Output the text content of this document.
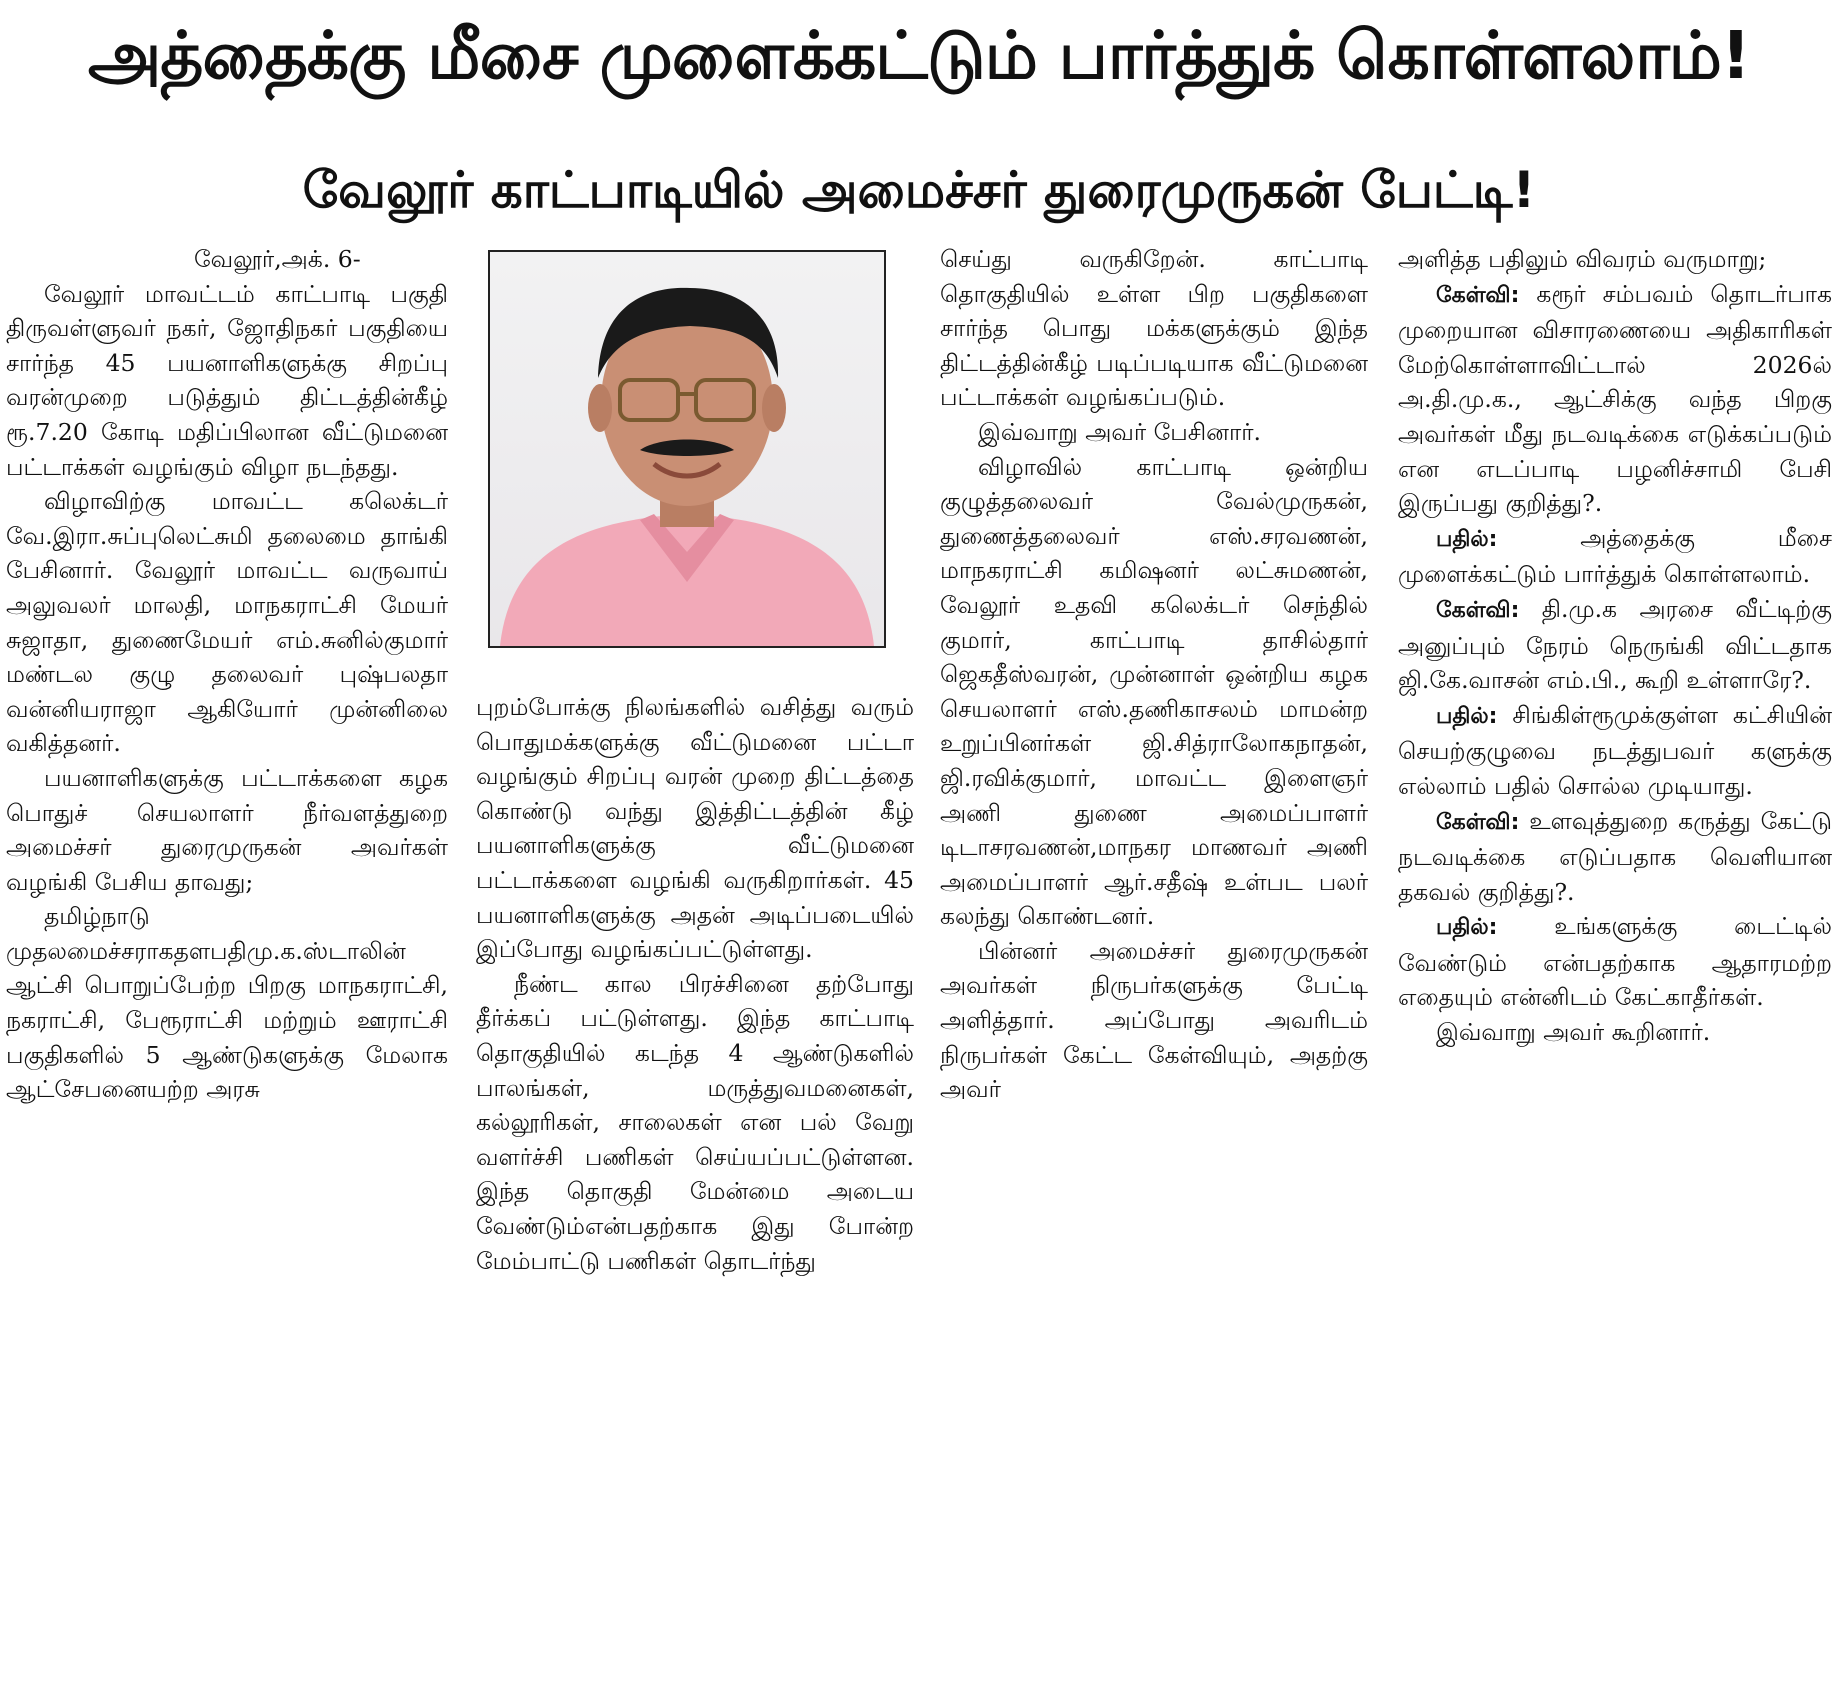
அத்தைக்கு மீசை முளைக்கட்டும் பார்த்துக் கொள்ளலாம்!
வேலூர் காட்பாடியில் அமைச்சர் துரைமுருகன் பேட்டி!

வேலூர்,அக். 6-

வேலூர் மாவட்டம் காட்பாடி பகுதி திருவள்ளுவர் நகர், ஜோதிநகர் பகுதியை சார்ந்த 45 பயனாளிகளுக்கு சிறப்பு வரன்முறை படுத்தும் திட்டத்தின்கீழ் ரூ.7.20 கோடி மதிப்பிலான வீட்டுமனை பட்டாக்கள் வழங்கும் விழா நடந்தது.

விழாவிற்கு மாவட்ட கலெக்டர் வே.இரா.சுப்புலெட்சுமி தலைமை தாங்கி பேசினார். வேலூர் மாவட்ட வருவாய் அலுவலர் மாலதி, மாநகராட்சி மேயர் சுஜாதா, துணைமேயர் எம்.சுனில்குமார் மண்டல குழு தலைவர் புஷ்பலதா வன்னியராஜா ஆகியோர் முன்னிலை வகித்தனர்.

பயனாளிகளுக்கு பட்டாக்களை கழக பொதுச் செயலாளர் நீர்வளத்துறை அமைச்சர் துரைமுருகன் அவர்கள் வழங்கி பேசிய தாவது;

தமிழ்நாடு முதலமைச்சராகதளபதிமு.க.ஸ்டாலின் ஆட்சி பொறுப்பேற்ற பிறகு மாநகராட்சி, நகராட்சி, பேரூராட்சி மற்றும் ஊராட்சி பகுதிகளில் 5 ஆண்டுகளுக்கு மேலாக ஆட்சேபனையற்ற அரசு

புறம்போக்கு நிலங்களில் வசித்து வரும் பொதுமக்களுக்கு வீட்டுமனை பட்டா வழங்கும் சிறப்பு வரன் முறை திட்டத்தை கொண்டு வந்து இத்திட்டத்தின் கீழ் பயனாளிகளுக்கு வீட்டுமனை பட்டாக்களை வழங்கி வருகிறார்கள். 45 பயனாளிகளுக்கு அதன் அடிப்படையில் இப்போது வழங்கப்பட்டுள்ளது.

நீண்ட கால பிரச்சினை தற்போது தீர்க்கப் பட்டுள்ளது. இந்த காட்பாடி தொகுதியில் கடந்த 4 ஆண்டுகளில் பாலங்கள், மருத்துவமனைகள், கல்லூரிகள், சாலைகள் என பல் வேறு வளர்ச்சி பணிகள் செய்யப்பட்டுள்ளன. இந்த தொகுதி மேன்மை அடைய வேண்டும்என்பதற்காக இது போன்ற மேம்பாட்டு பணிகள் தொடர்ந்து

செய்து வருகிறேன். காட்பாடி தொகுதியில் உள்ள பிற பகுதிகளை சார்ந்த பொது மக்களுக்கும் இந்த திட்டத்தின்கீழ் படிப்படியாக வீட்டுமனை பட்டாக்கள் வழங்கப்படும்.

இவ்வாறு அவர் பேசினார்.

விழாவில் காட்பாடி ஒன்றிய குழுத்தலைவர் வேல்முருகன், துணைத்தலைவர் எஸ்.சரவணன், மாநகராட்சி கமிஷனர் லட்சுமணன், வேலூர் உதவி கலெக்டர் செந்தில் குமார், காட்பாடி தாசில்தார் ஜெகதீஸ்வரன், முன்னாள் ஒன்றிய கழக செயலாளர் எஸ்.தணிகாசலம் மாமன்ற உறுப்பினர்கள் ஜி.சித்ராலோகநாதன், ஜி.ரவிக்குமார், மாவட்ட இளைஞர் அணி துணை அமைப்பாளர் டிடாசரவணன்,மாநகர மாணவர் அணி அமைப்பாளர் ஆர்.சதீஷ் உள்பட பலர் கலந்து கொண்டனர்.

பின்னர் அமைச்சர் துரைமுருகன் அவர்கள் நிருபர்களுக்கு பேட்டி அளித்தார். அப்போது அவரிடம் நிருபர்கள் கேட்ட கேள்வியும், அதற்கு அவர்

அளித்த பதிலும் விவரம் வருமாறு;

கேள்வி: கரூர் சம்பவம் தொடர்பாக முறையான விசாரணையை அதிகாரிகள் மேற்கொள்ளாவிட்டால் 2026ல் அ.தி.மு.க., ஆட்சிக்கு வந்த பிறகு அவர்கள் மீது நடவடிக்கை எடுக்கப்படும் என எடப்பாடி பழனிச்சாமி பேசி இருப்பது குறித்து?.

பதில்: அத்தைக்கு மீசை முளைக்கட்டும் பார்த்துக் கொள்ளலாம்.

கேள்வி: தி.மு.க அரசை வீட்டிற்கு அனுப்பும் நேரம் நெருங்கி விட்டதாக ஜி.கே.வாசன் எம்.பி., கூறி உள்ளாரே?.

பதில்: சிங்கிள்ரூமுக்குள்ள கட்சியின் செயற்குழுவை நடத்துபவர் களுக்கு எல்லாம் பதில் சொல்ல முடியாது.

கேள்வி: உளவுத்துறை கருத்து கேட்டு நடவடிக்கை எடுப்பதாக வெளியான தகவல் குறித்து?.

பதில்: உங்களுக்கு டைட்டில் வேண்டும் என்பதற்காக ஆதாரமற்ற எதையும் என்னிடம் கேட்காதீர்கள்.

இவ்வாறு அவர் கூறினார்.
